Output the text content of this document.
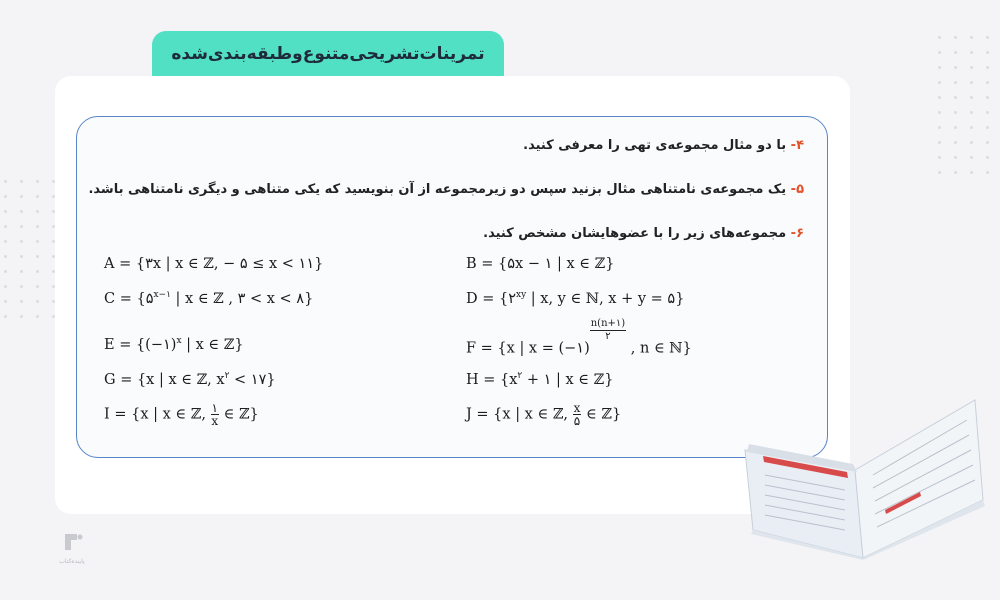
تمرینات‌تشریحی‌متنوع‌وطبقه‌بندی‌شده
۴- با دو مثال مجموعه‌ی تهی را معرفی کنید.
۵- یک مجموعه‌ی نامتناهی مثال بزنید سپس دو زیرمجموعه از آن بنویسید که یکی متناهی و دیگری نامتناهی باشد.
۶- مجموعه‌های زیر را با عضوهایشان مشخص کنید.
A = {۳x | x ∈ ℤ, − ۵ ≤ x < ۱۱}
$C = \{۵^{x-۱}$ | x ∈ ℤ , ۳ < x < ۸}
E = {(−۱)$^x$ | x ∈ ℤ}
G = {x | x ∈ ℤ, $x^۲$ < ۱۷}
I = {x | x ∈ ℤ, $\frac{۱}{x}$ ∈ ℤ}
B = {۵x − ۱ | x ∈ ℤ}
$D = \{۲^{xy}$ | x, y ∈ ℕ, x + y = ۵}
F = {x | x = (−۱)
$\frac{n(n+۱)}{۲}$
, n ∈ ℕ}
$H = \{x^۲$ + ۱ | x ∈ ℤ}
J = {x | x ∈ ℤ, $\frac{x}{۵}$ ∈ ℤ}
پاینده‌کتاب
